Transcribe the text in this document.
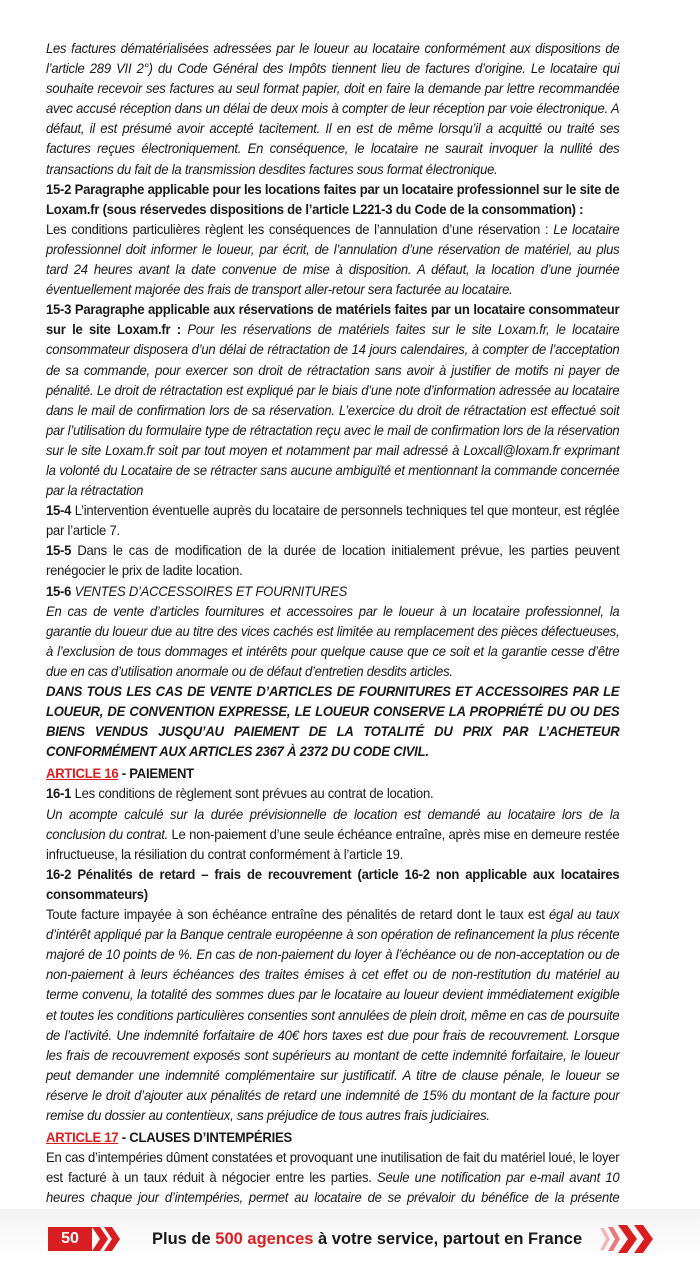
Les factures dématérialisées adressées par le loueur au locataire conformément aux dispositions de l’article 289 VII 2°) du Code Général des Impôts tiennent lieu de factures d’origine. Le locataire qui souhaite recevoir ses factures au seul format papier, doit en faire la demande par lettre recommandée avec accusé réception dans un délai de deux mois à compter de leur réception par voie électronique. A défaut, il est présumé avoir accepté tacitement. Il en est de même lorsqu’il a acquitté ou traité ses factures reçues électroniquement. En conséquence, le locataire ne saurait invoquer la nullité des transactions du fait de la transmission desdites factures sous format électronique.

15-2 Paragraphe applicable pour les locations faites par un locataire professionnel sur le site de Loxam.fr (sous réservedes dispositions de l’article L221-3 du Code de la consommation) :

Les conditions particulières règlent les conséquences de l’annulation d’une réservation : Le locataire professionnel doit informer le loueur, par écrit, de l’annulation d’une réservation de matériel, au plus tard 24 heures avant la date convenue de mise à disposition. A défaut, la location d’une journée éventuellement majorée des frais de transport aller-retour sera facturée au locataire.

15-3 Paragraphe applicable aux réservations de matériels faites par un locataire consommateur sur le site Loxam.fr : Pour les réservations de matériels faites sur le site Loxam.fr, le locataire consommateur disposera d’un délai de rétractation de 14 jours calendaires, à compter de l’acceptation de sa commande, pour exercer son droit de rétractation sans avoir à justifier de motifs ni payer de pénalité. Le droit de rétractation est expliqué par le biais d’une note d’information adressée au locataire dans le mail de confirmation lors de sa réservation. L’exercice du droit de rétractation est effectué soit par l’utilisation du formulaire type de rétractation reçu avec le mail de confirmation lors de la réservation sur le site Loxam.fr soit par tout moyen et notamment par mail adressé à Loxcall@loxam.fr exprimant la volonté du Locataire de se rétracter sans aucune ambiguïté et mentionnant la commande concernée par la rétractation

15-4 L’intervention éventuelle auprès du locataire de personnels techniques tel que monteur, est réglée par l’article 7.

15-5 Dans le cas de modification de la durée de location initialement prévue, les parties peuvent renégocier le prix de ladite location.

15-6 VENTES D’ACCESSOIRES ET FOURNITURES

En cas de vente d’articles fournitures et accessoires par le loueur à un locataire professionnel, la garantie du loueur due au titre des vices cachés est limitée au remplacement des pièces défectueuses, à l’exclusion de tous dommages et intérêts pour quelque cause que ce soit et la garantie cesse d’être due en cas d’utilisation anormale ou de défaut d’entretien desdits articles.

DANS TOUS LES CAS DE VENTE D’ARTICLES DE FOURNITURES ET ACCESSOIRES PAR LE LOUEUR, DE CONVENTION EXPRESSE, LE LOUEUR CONSERVE LA PROPRIÉTÉ DU OU DES BIENS VENDUS JUSQU’AU PAIEMENT DE LA TOTALITÉ DU PRIX PAR L’ACHETEUR CONFORMÉMENT AUX ARTICLES 2367 À 2372 DU CODE CIVIL.

ARTICLE 16 - PAIEMENT

16-1 Les conditions de règlement sont prévues au contrat de location.

Un acompte calculé sur la durée prévisionnelle de location est demandé au locataire lors de la conclusion du contrat. Le non-paiement d’une seule échéance entraîne, après mise en demeure restée infructueuse, la résiliation du contrat conformément à l’article 19.

16-2 Pénalités de retard – frais de recouvrement (article 16-2 non applicable aux locataires consommateurs)

Toute facture impayée à son échéance entraîne des pénalités de retard dont le taux est égal au taux d’intérêt appliqué par la Banque centrale européenne à son opération de refinancement la plus récente majoré de 10 points de %. En cas de non-paiement du loyer à l’échéance ou de non-acceptation ou de non-paiement à leurs échéances des traites émises à cet effet ou de non-restitution du matériel au terme convenu, la totalité des sommes dues par le locataire au loueur devient immédiatement exigible et toutes les conditions particulières consenties sont annulées de plein droit, même en cas de poursuite de l’activité. Une indemnité forfaitaire de 40€ hors taxes est due pour frais de recouvrement. Lorsque les frais de recouvrement exposés sont supérieurs au montant de cette indemnité forfaitaire, le loueur peut demander une indemnité complémentaire sur justificatif. A titre de clause pénale, le loueur se réserve le droit d’ajouter aux pénalités de retard une indemnité de 15% du montant de la facture pour remise du dossier au contentieux, sans préjudice de tous autres frais judiciaires.

ARTICLE 17 - CLAUSES D’INTEMPÉRIES

En cas d’intempéries dûment constatées et provoquant une inutilisation de fait du matériel loué, le loyer est facturé à un taux réduit à négocier entre les parties. Seule une notification par e-mail avant 10 heures chaque jour d’intempéries, permet au locataire de se prévaloir du bénéfice de la présente

50	Plus de 500 agences à votre service, partout en France
